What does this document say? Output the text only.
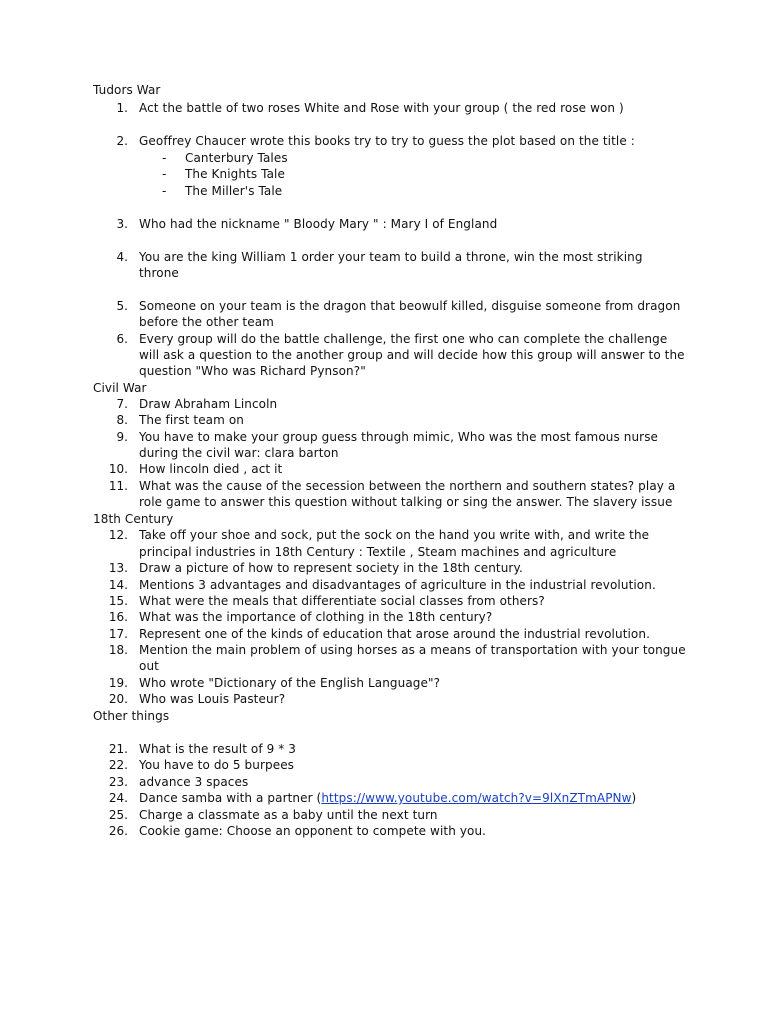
Tudors War
Civil War
18th Century
Other things
1. Act the battle of two roses White and Rose with your group ( the red rose won )
2. Geoffrey Chaucer wrote this books try to try to guess the plot based on the title :
- Canterbury Tales
- The Knights Tale
- The Miller's Tale
3. Who had the nickname " Bloody Mary " : Mary I of England
4. You are the king William 1 order your team to build a throne, win the most striking
throne
5. Someone on your team is the dragon that beowulf killed, disguise someone from dragon
before the other team
6. Every group will do the battle challenge, the first one who can complete the challenge
will ask a question to the another group and will decide how this group will answer to the
question "Who was Richard Pynson?"
7. Draw Abraham Lincoln
8. The first team on
9. You have to make your group guess through mimic, Who was the most famous nurse
during the civil war: clara barton
10. How lincoln died , act it
11. What was the cause of the secession between the northern and southern states? play a
role game to answer this question without talking or sing the answer. The slavery issue
12. Take off your shoe and sock, put the sock on the hand you write with, and write the
principal industries in 18th Century : Textile , Steam machines and agriculture
13. Draw a picture of how to represent society in the 18th century.
14. Mentions 3 advantages and disadvantages of agriculture in the industrial revolution.
15. What were the meals that differentiate social classes from others?
16. What was the importance of clothing in the 18th century?
17. Represent one of the kinds of education that arose around the industrial revolution.
18. Mention the main problem of using horses as a means of transportation with your tongue
out
19. Who wrote "Dictionary of the English Language"?
20. Who was Louis Pasteur?
21. What is the result of 9 * 3
22. You have to do 5 burpees
23. advance 3 spaces
24. Dance samba with a partner (https://www.youtube.com/watch?v=9lXnZTmAPNw)
25. Charge a classmate as a baby until the next turn
26. Cookie game: Choose an opponent to compete with you.
